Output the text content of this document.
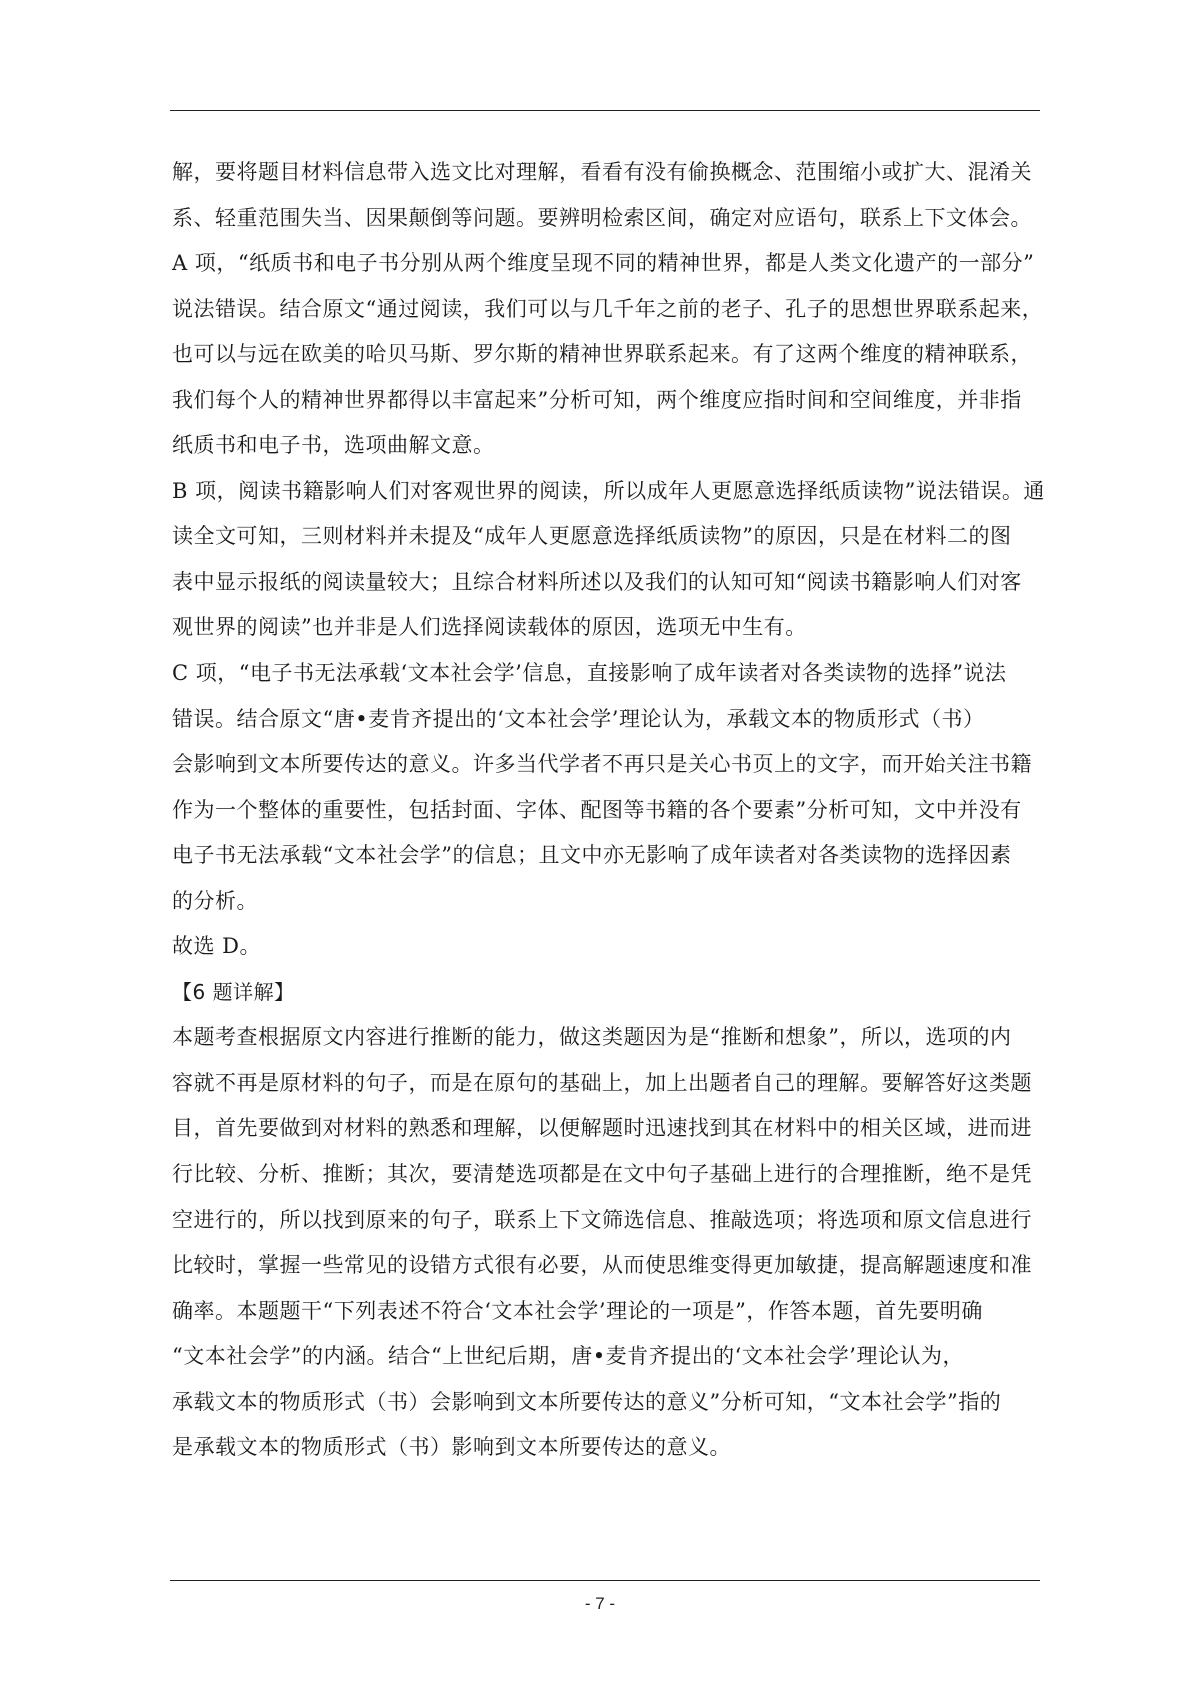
解，要将题目材料信息带入选文比对理解，看看有没有偷换概念、范围缩小或扩大、混淆关
系、轻重范围失当、因果颠倒等问题。要辨明检索区间，确定对应语句，联系上下文体会。
A 项，“纸质书和电子书分别从两个维度呈现不同的精神世界，都是人类文化遗产的一部分”
说法错误。结合原文“通过阅读，我们可以与几千年之前的老子、孔子的思想世界联系起来，
也可以与远在欧美的哈贝马斯、罗尔斯的精神世界联系起来。有了这两个维度的精神联系，
我们每个人的精神世界都得以丰富起来”分析可知，两个维度应指时间和空间维度，并非指
纸质书和电子书，选项曲解文意。
B 项，阅读书籍影响人们对客观世界的阅读，所以成年人更愿意选择纸质读物”说法错误。通
读全文可知，三则材料并未提及“成年人更愿意选择纸质读物”的原因，只是在材料二的图
表中显示报纸的阅读量较大；且综合材料所述以及我们的认知可知“阅读书籍影响人们对客
观世界的阅读”也并非是人们选择阅读载体的原因，选项无中生有。
C 项，“电子书无法承载‘文本社会学’信息，直接影响了成年读者对各类读物的选择”说法
错误。结合原文“唐•麦肯齐提出的‘文本社会学’理论认为，承载文本的物质形式（书）
会影响到文本所要传达的意义。许多当代学者不再只是关心书页上的文字，而开始关注书籍
作为一个整体的重要性，包括封面、字体、配图等书籍的各个要素”分析可知，文中并没有
电子书无法承载“文本社会学”的信息；且文中亦无影响了成年读者对各类读物的选择因素
的分析。
故选 D。
【6 题详解】
本题考查根据原文内容进行推断的能力，做这类题因为是“推断和想象”，所以，选项的内
容就不再是原材料的句子，而是在原句的基础上，加上出题者自己的理解。要解答好这类题
目，首先要做到对材料的熟悉和理解，以便解题时迅速找到其在材料中的相关区域，进而进
行比较、分析、推断；其次，要清楚选项都是在文中句子基础上进行的合理推断，绝不是凭
空进行的，所以找到原来的句子，联系上下文筛选信息、推敲选项；将选项和原文信息进行
比较时，掌握一些常见的设错方式很有必要，从而使思维变得更加敏捷，提高解题速度和准
确率。本题题干“下列表述不符合‘文本社会学’理论的一项是”，作答本题，首先要明确
“文本社会学”的内涵。结合“上世纪后期，唐•麦肯齐提出的‘文本社会学’理论认为，
承载文本的物质形式（书）会影响到文本所要传达的意义”分析可知，“文本社会学”指的
是承载文本的物质形式（书）影响到文本所要传达的意义。
- 7 -
